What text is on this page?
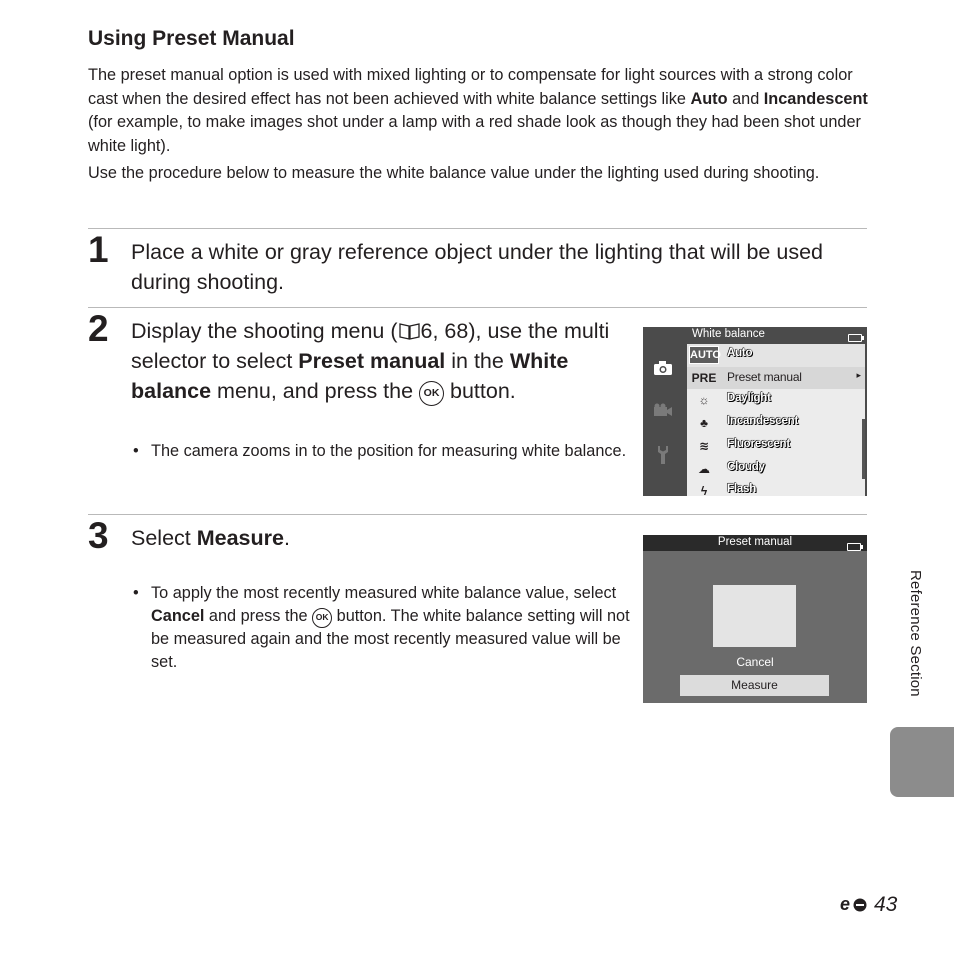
Using Preset Manual

The preset manual option is used with mixed lighting or to compensate for light sources with a strong color cast when the desired effect has not been achieved with white balance settings like Auto and Incandescent (for example, to make images shot under a lamp with a red shade look as though they had been shot under white light).

Use the procedure below to measure the white balance value under the lighting used during shooting.

1 Place a white or gray reference object under the lighting that will be used during shooting.

2 Display the shooting menu ( 6, 68), use the multi selector to select Preset manual in the White balance menu, and press the OK button.

• The camera zooms in to the position for measuring white balance.

White balance
AUTO Auto
PRE Preset manual	▸
☼	Daylight
♣	Incandescent
≋	Fluorescent
☁	Cloudy
ϟ	Flash
3 Select Measure.

• To apply the most recently measured white balance value, select Cancel and press the OK button. The white balance setting will not be measured again and the most recently measured value will be set.

Preset manual
Cancel
Measure	Reference Section
e 43
